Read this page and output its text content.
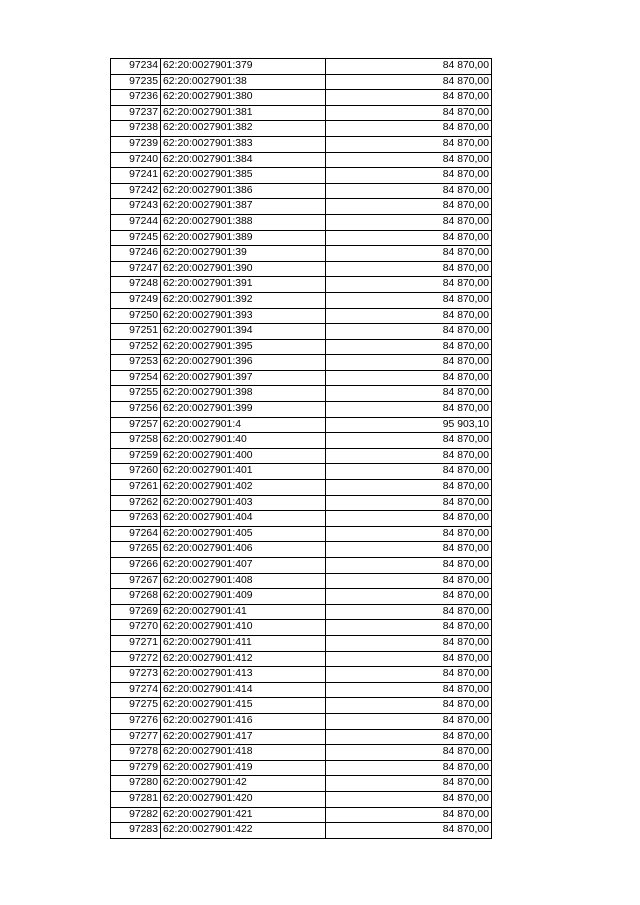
97234	62:20:0027901:379	84 870,00
97235	62:20:0027901:38	84 870,00
97236	62:20:0027901:380	84 870,00
97237	62:20:0027901:381	84 870,00
97238	62:20:0027901:382	84 870,00
97239	62:20:0027901:383	84 870,00
97240	62:20:0027901:384	84 870,00
97241	62:20:0027901:385	84 870,00
97242	62:20:0027901:386	84 870,00
97243	62:20:0027901:387	84 870,00
97244	62:20:0027901:388	84 870,00
97245	62:20:0027901:389	84 870,00
97246	62:20:0027901:39	84 870,00
97247	62:20:0027901:390	84 870,00
97248	62:20:0027901:391	84 870,00
97249	62:20:0027901:392	84 870,00
97250	62:20:0027901:393	84 870,00
97251	62:20:0027901:394	84 870,00
97252	62:20:0027901:395	84 870,00
97253	62:20:0027901:396	84 870,00
97254	62:20:0027901:397	84 870,00
97255	62:20:0027901:398	84 870,00
97256	62:20:0027901:399	84 870,00
97257	62:20:0027901:4	95 903,10
97258	62:20:0027901:40	84 870,00
97259	62:20:0027901:400	84 870,00
97260	62:20:0027901:401	84 870,00
97261	62:20:0027901:402	84 870,00
97262	62:20:0027901:403	84 870,00
97263	62:20:0027901:404	84 870,00
97264	62:20:0027901:405	84 870,00
97265	62:20:0027901:406	84 870,00
97266	62:20:0027901:407	84 870,00
97267	62:20:0027901:408	84 870,00
97268	62:20:0027901:409	84 870,00
97269	62:20:0027901:41	84 870,00
97270	62:20:0027901:410	84 870,00
97271	62:20:0027901:411	84 870,00
97272	62:20:0027901:412	84 870,00
97273	62:20:0027901:413	84 870,00
97274	62:20:0027901:414	84 870,00
97275	62:20:0027901:415	84 870,00
97276	62:20:0027901:416	84 870,00
97277	62:20:0027901:417	84 870,00
97278	62:20:0027901:418	84 870,00
97279	62:20:0027901:419	84 870,00
97280	62:20:0027901:42	84 870,00
97281	62:20:0027901:420	84 870,00
97282	62:20:0027901:421	84 870,00
97283	62:20:0027901:422	84 870,00
